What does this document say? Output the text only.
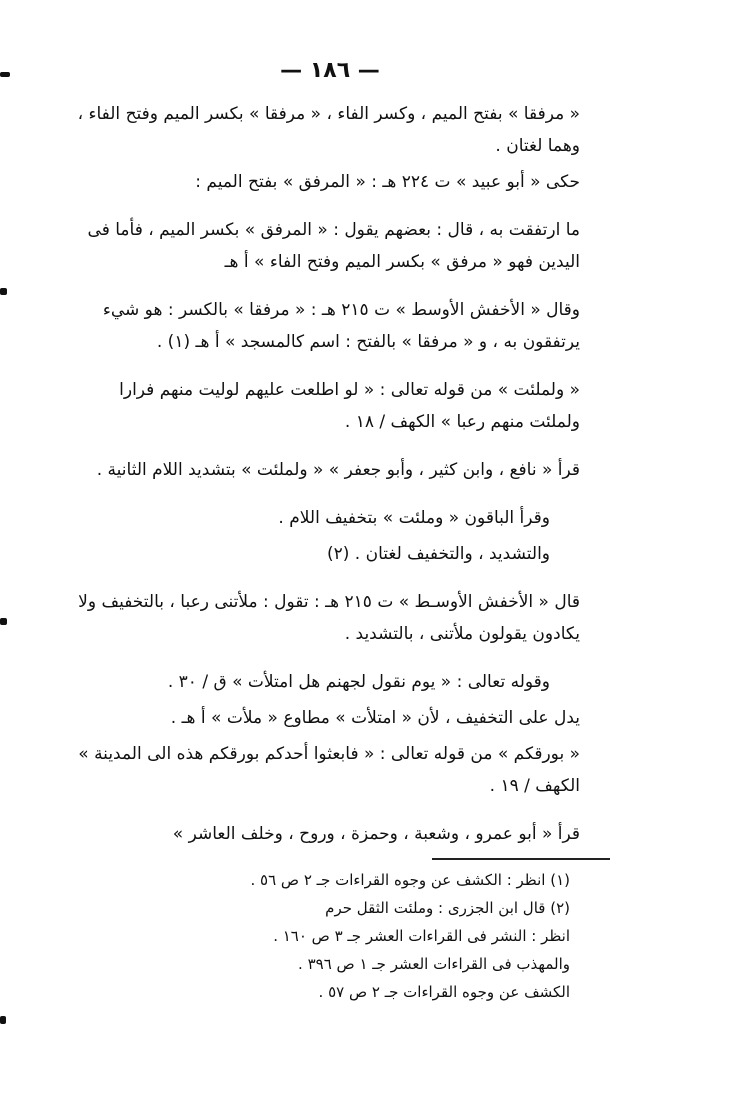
— ١٨٦ —

« مرفقا » بفتح الميم ، وكسر الفاء ، « مرفقا » بكسر الميم وفتح الفاء ، وهما لغتان .

حكى « أبو عبيد » ت ٢٢٤ هـ : « المرفق » بفتح الميم :

ما ارتفقت به ، قال : بعضهم يقول : « المرفق » بكسر الميم ، فأما فى اليدين فهو « مرفق » بكسر الميم وفتح الفاء » أ هـ

وقال « الأخفش الأوسط » ت ٢١٥ هـ : « مرفقا » بالكسر : هو شيء يرتفقون به ، و « مرفقا » بالفتح : اسم كالمسجد » أ هـ (١) .

« ولملئت » من قوله تعالى : « لو اطلعت عليهم لوليت منهم فرارا ولملئت منهم رعبا » الكهف / ١٨ .

قرأ « نافع ، وابن كثير ، وأبو جعفر » « ولملئت » بتشديد اللام الثانية .

وقرأ الباقون « وملئت » بتخفيف اللام .

والتشديد ، والتخفيف لغتان . (٢)

قال « الأخفش الأوسـط » ت ٢١٥ هـ : تقول : ملأتنى رعبا ، بالتخفيف ولا يكادون يقولون ملأتنى ، بالتشديد .

وقوله تعالى : « يوم نقول لجهنم هل امتلأت » ق / ٣٠ .

يدل على التخفيف ، لأن « امتلأت » مطاوع « ملأت » أ هـ .

« بورقكم » من قوله تعالى : « فابعثوا أحدكم بورقكم هذه الى المدينة » الكهف / ١٩ .

قرأ « أبو عمرو ، وشعبة ، وحمزة ، وروح ، وخلف العاشر »

(١) انظر : الكشف عن وجوه القراءات جـ ٢ ص ٥٦ .

(٢) قال ابن الجزرى : وملئت الثقل حرم

انظر : النشر فى القراءات العشر جـ ٣ ص ١٦٠ .

والمهذب فى القراءات العشر جـ ١ ص ٣٩٦ .

الكشف عن وجوه القراءات جـ ٢ ص ٥٧ .
